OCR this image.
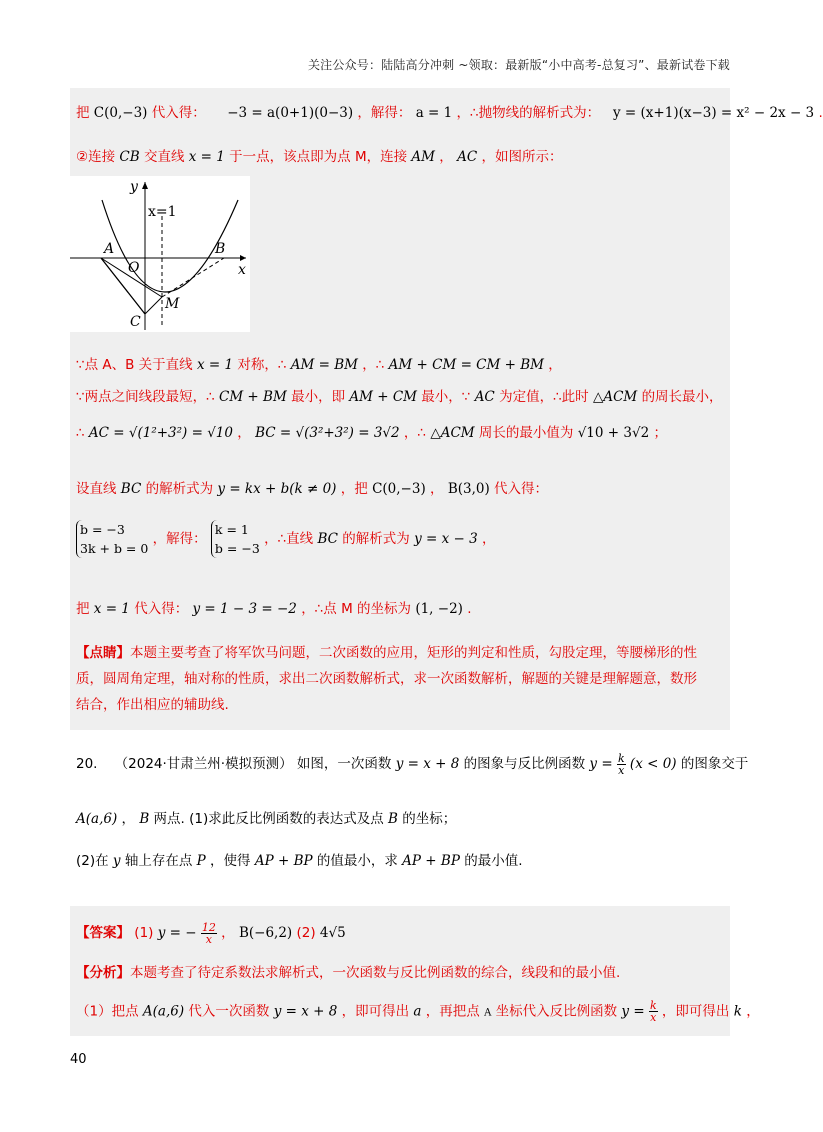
关注公众号：陆陆高分冲刺 ~领取：最新版“小中高考-总复习”、最新试卷下载
把 C(0,−3) 代入得： −3 = a(0+1)(0−3) ，解得： a = 1 ，∴抛物线的解析式为： y = (x+1)(x−3) = x² − 2x − 3 .
②连接 CB 交直线 x = 1 于一点，该点即为点 M，连接 AM ， AC ，如图所示：
y
x
x=1
A
O
B
C
M
∵点 A、B 关于直线 x = 1 对称，∴ AM = BM ，∴ AM + CM = CM + BM ，
∵两点之间线段最短，∴ CM + BM 最小，即 AM + CM 最小，∵ AC 为定值，∴此时 △ACM 的周长最小，
∴ AC = √(1²+3²) = √10 ， BC = √(3²+3²) = 3√2 ，∴ △ACM 周长的最小值为 √10 + 3√2 ；
设直线 BC 的解析式为 y = kx + b(k ≠ 0) ，把 C(0,−3) ， B(3,0) 代入得：
b = −3
3k + b = 0
，解得：
k = 1
b = −3
，∴直线 BC 的解析式为 y = x − 3 ，
把 x = 1 代入得： y = 1 − 3 = −2 ，∴点 M 的坐标为 (1, −2) .
【点睛】本题主要考查了将军饮马问题，二次函数的应用，矩形的判定和性质，勾股定理，等腰梯形的性
质，圆周角定理，轴对称的性质，求出二次函数解析式，求一次函数解析，解题的关键是理解题意，数形
结合，作出相应的辅助线.
20. （2024·甘肃兰州·模拟预测） 如图，一次函数 y = x + 8 的图象与反比例函数 $y = \frac{k}{x} (x < 0)$ 的图象交于
A(a,6) ， B 两点. (1)求此反比例函数的表达式及点 B 的坐标；
(2)在 y 轴上存在点 P ，使得 AP + BP 的值最小，求 AP + BP 的最小值.
【答案】 (1) y = − $\frac{12}{x}$ ， B(−6,2) (2) 4√5
【分析】本题考查了待定系数法求解析式，一次函数与反比例函数的综合，线段和的最小值.
（1）把点 A(a,6) 代入一次函数 y = x + 8 ，即可得出 a ，再把点 A 坐标代入反比例函数 $y = \frac{k}{x}$ ，即可得出 k ，
40
